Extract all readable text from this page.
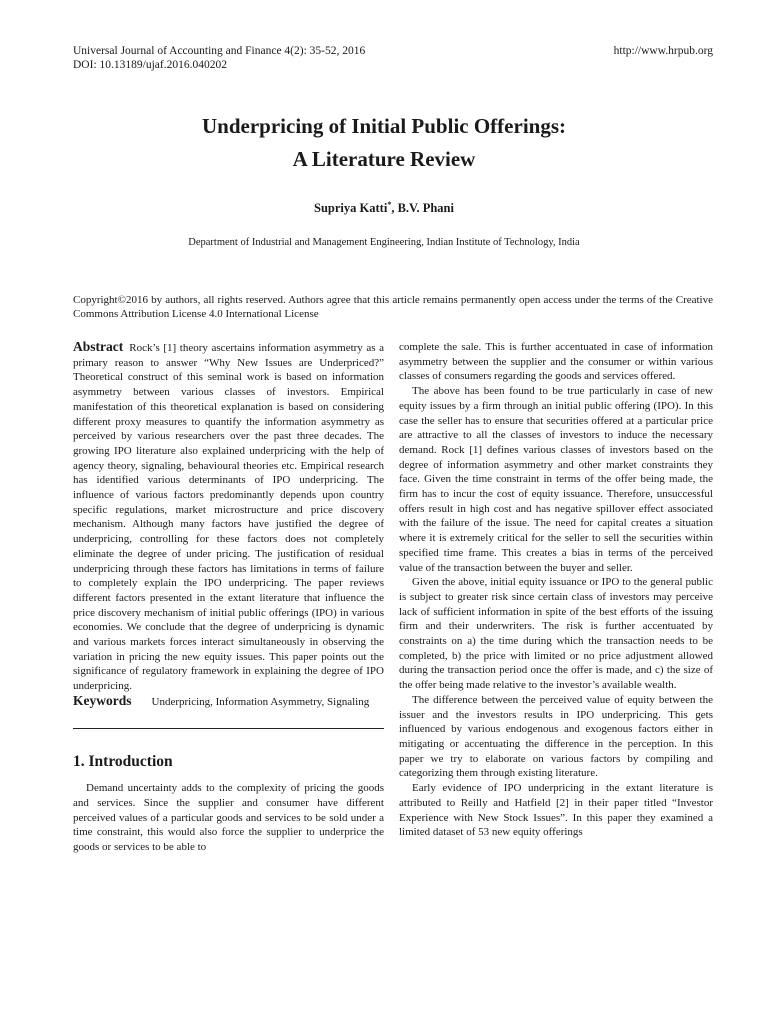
Universal Journal of Accounting and Finance 4(2): 35-52, 2016
DOI: 10.13189/ujaf.2016.040202
http://www.hrpub.org
Underpricing of Initial Public Offerings:
A Literature Review
Supriya Katti*, B.V. Phani
Department of Industrial and Management Engineering, Indian Institute of Technology, India
Copyright©2016 by authors, all rights reserved. Authors agree that this article remains permanently open access under the terms of the Creative Commons Attribution License 4.0 International License

Abstract Rock’s [1] theory ascertains information asymmetry as a primary reason to answer “Why New Issues are Underpriced?” Theoretical construct of this seminal work is based on information asymmetry between various classes of investors. Empirical manifestation of this theoretical explanation is based on considering different proxy measures to quantify the information asymmetry as perceived by various researchers over the past three decades. The growing IPO literature also explained underpricing with the help of agency theory, signaling, behavioural theories etc. Empirical research has identified various determinants of IPO underpricing. The influence of various factors predominantly depends upon country specific regulations, market microstructure and price discovery mechanism. Although many factors have justified the degree of underpricing, controlling for these factors does not completely eliminate the degree of under pricing. The justification of residual underpricing through these factors has limitations in terms of failure to completely explain the IPO underpricing. The paper reviews different factors presented in the extant literature that influence the price discovery mechanism of initial public offerings (IPO) in various economies. We conclude that the degree of underpricing is dynamic and various markets forces interact simultaneously in observing the variation in pricing the new equity issues. This paper points out the significance of regulatory framework in explaining the degree of IPO underpricing.

Keywords Underpricing, Information Asymmetry, Signaling

1. Introduction

Demand uncertainty adds to the complexity of pricing the goods and services. Since the supplier and consumer have different perceived values of a particular goods and services to be sold under a time constraint, this would also force the supplier to underprice the goods or services to be able to

complete the sale. This is further accentuated in case of information asymmetry between the supplier and the consumer or within various classes of consumers regarding the goods and services offered.

The above has been found to be true particularly in case of new equity issues by a firm through an initial public offering (IPO). In this case the seller has to ensure that securities offered at a particular price are attractive to all the classes of investors to induce the necessary demand. Rock [1] defines various classes of investors based on the degree of information asymmetry and other market constraints they face. Given the time constraint in terms of the offer being made, the firm has to incur the cost of equity issuance. Therefore, unsuccessful offers result in high cost and has negative spillover effect associated with the failure of the issue. The need for capital creates a situation where it is extremely critical for the seller to sell the securities within specified time frame. This creates a bias in terms of the perceived value of the transaction between the buyer and seller.

Given the above, initial equity issuance or IPO to the general public is subject to greater risk since certain class of investors may perceive lack of sufficient information in spite of the best efforts of the issuing firm and their underwriters. The risk is further accentuated by constraints on a) the time during which the transaction needs to be completed, b) the price with limited or no price adjustment allowed during the transaction period once the offer is made, and c) the size of the offer being made relative to the investor’s available wealth.

The difference between the perceived value of equity between the issuer and the investors results in IPO underpricing. This gets influenced by various endogenous and exogenous factors either in mitigating or accentuating the difference in the perception. In this paper we try to elaborate on various factors by compiling and categorizing them through existing literature.

Early evidence of IPO underpricing in the extant literature is attributed to Reilly and Hatfield [2] in their paper titled “Investor Experience with New Stock Issues”. In this paper they examined a limited dataset of 53 new equity offerings
